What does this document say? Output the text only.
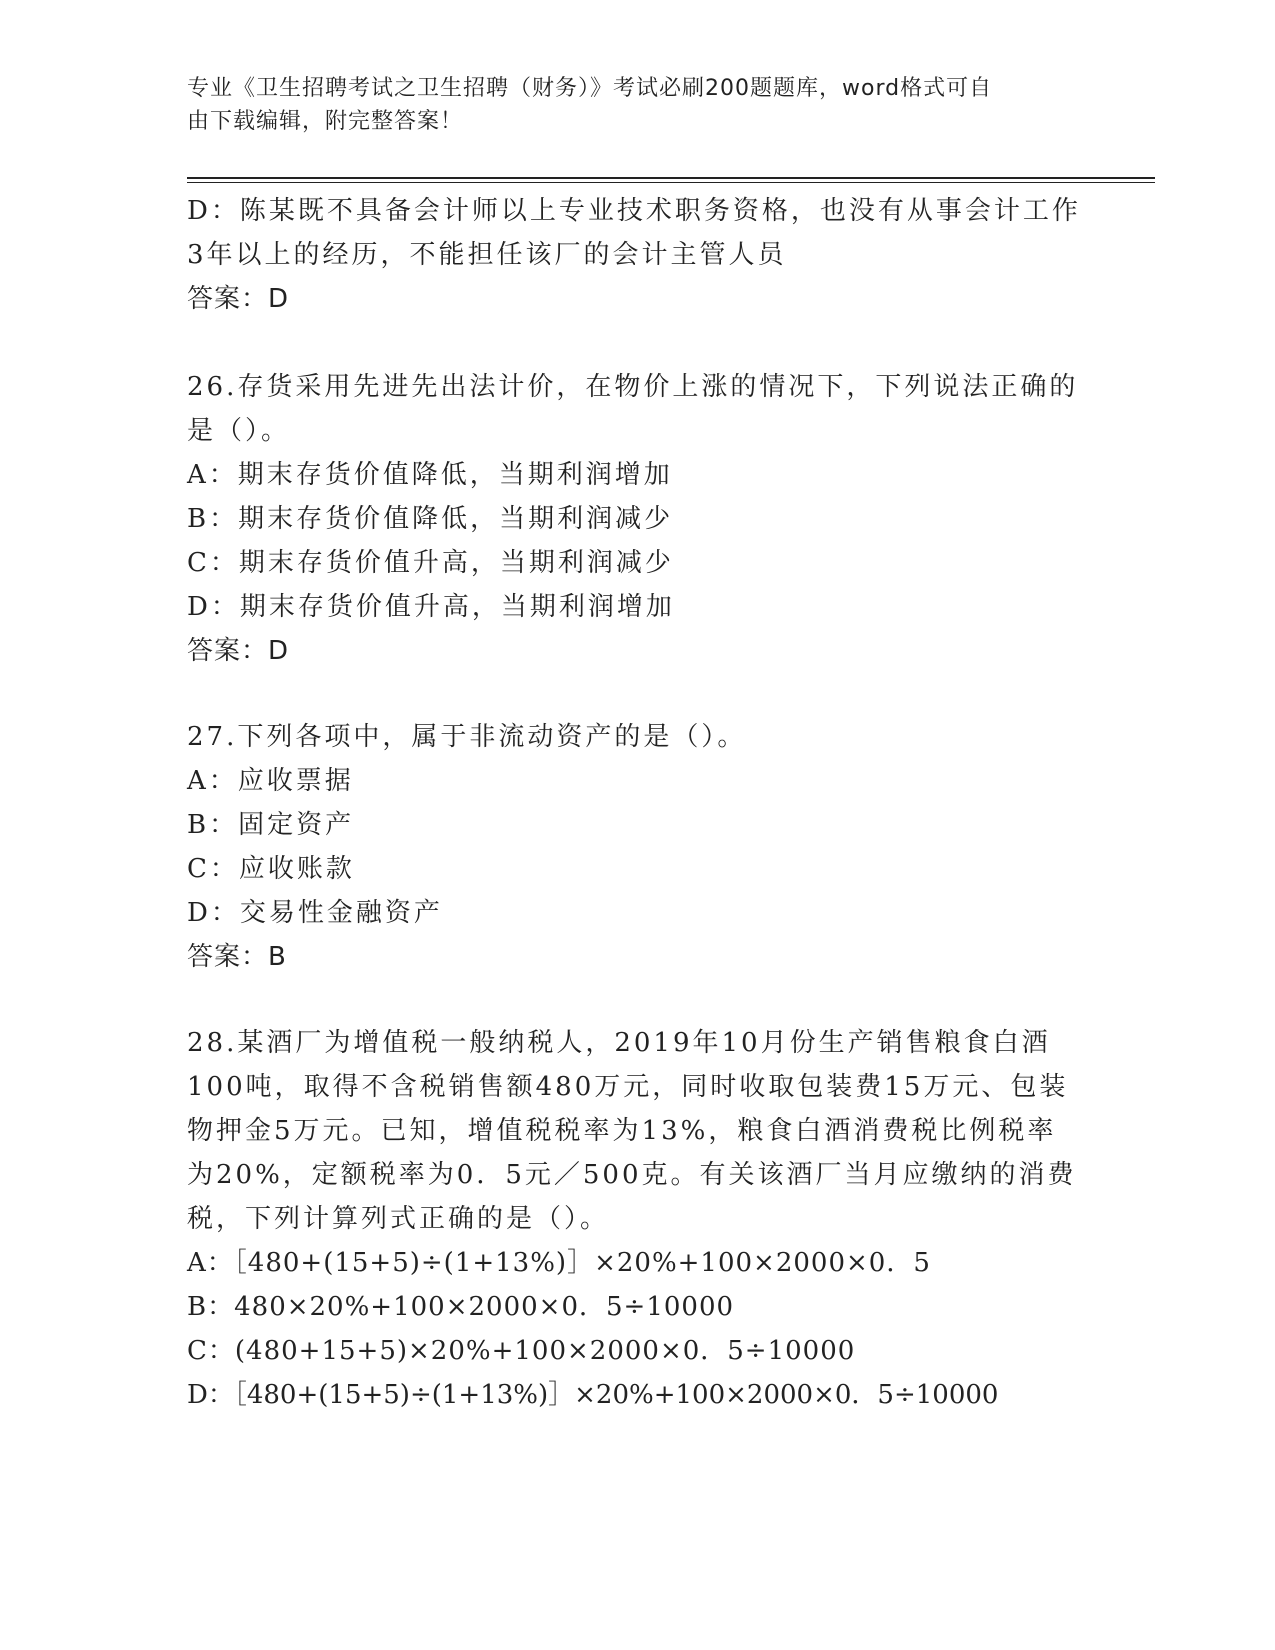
专业《卫生招聘考试之卫生招聘（财务）》考试必刷200题题库，word格式可自
由下载编辑，附完整答案！
D：陈某既不具备会计师以上专业技术职务资格，也没有从事会计工作
3年以上的经历，不能担任该厂的会计主管人员
答案：D
26.存货采用先进先出法计价，在物价上涨的情况下，下列说法正确的
是（）。
A：期末存货价值降低，当期利润增加
B：期末存货价值降低，当期利润减少
C：期末存货价值升高，当期利润减少
D：期末存货价值升高，当期利润增加
答案：D
27.下列各项中，属于非流动资产的是（）。
A：应收票据
B：固定资产
C：应收账款
D：交易性金融资产
答案：B
28.某酒厂为增值税一般纳税人，2019年10月份生产销售粮食白酒
100吨，取得不含税销售额480万元，同时收取包装费15万元、包装
物押金5万元。已知，增值税税率为13%，粮食白酒消费税比例税率
为20%，定额税率为0．5元／500克。有关该酒厂当月应缴纳的消费
税，下列计算列式正确的是（）。
A：［480+(15+5)÷(1+13%)］×20%+100×2000×0．5
B：480×20%+100×2000×0．5÷10000
C：(480+15+5)×20%+100×2000×0．5÷10000
D：［480+(15+5)÷(1+13%)］×20%+100×2000×0．5÷10000
